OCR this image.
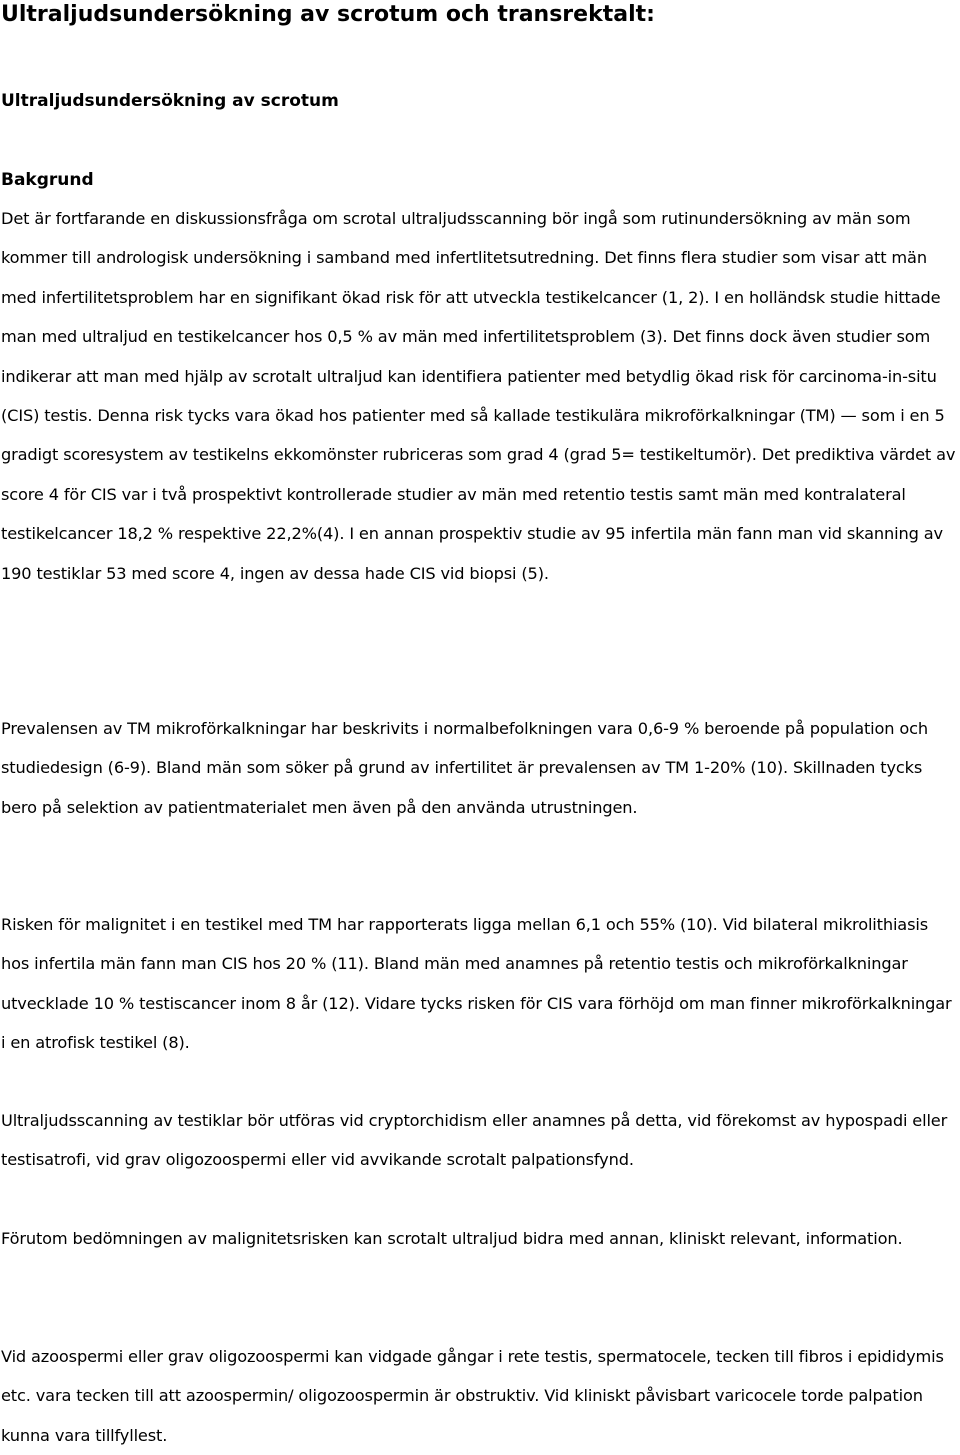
Ultraljudsundersökning av scrotum och transrektalt:
Ultraljudsundersökning av scrotum
Bakgrund

Det är fortfarande en diskussionsfråga om scrotal ultraljudsscanning bör ingå som rutinundersökning av män som kommer till andrologisk undersökning i samband med infertlitetsutredning. Det finns flera studier som visar att män med infertilitetsproblem har en signifikant ökad risk för att utveckla testikelcancer (1, 2). I en holländsk studie hittade man med ultraljud en testikelcancer hos 0,5 % av män med infertilitetsproblem (3). Det finns dock även studier som indikerar att man med hjälp av scrotalt ultraljud kan identifiera patienter med betydlig ökad risk för carcinoma-in-situ (CIS) testis. Denna risk tycks vara ökad hos patienter med så kallade testikulära mikroförkalkningar (TM) — som i en 5 gradigt scoresystem av testikelns ekkomönster rubriceras som grad 4 (grad 5= testikeltumör). Det prediktiva värdet av score 4 för CIS var i två prospektivt kontrollerade studier av män med retentio testis samt män med kontralateral testikelcancer 18,2 % respektive 22,2%(4). I en annan prospektiv studie av 95 infertila män fann man vid skanning av 190 testiklar 53 med score 4, ingen av dessa hade CIS vid biopsi (5).

Prevalensen av TM mikroförkalkningar har beskrivits i normalbefolkningen vara 0,6-9 % beroende på population och studiedesign (6-9). Bland män som söker på grund av infertilitet är prevalensen av TM 1-20% (10). Skillnaden tycks bero på selektion av patientmaterialet men även på den använda utrustningen.

Risken för malignitet i en testikel med TM har rapporterats ligga mellan 6,1 och 55% (10). Vid bilateral mikrolithiasis hos infertila män fann man CIS hos 20 % (11). Bland män med anamnes på retentio testis och mikroförkalkningar utvecklade 10 % testiscancer inom 8 år (12). Vidare tycks risken för CIS vara förhöjd om man finner mikroförkalkningar i en atrofisk testikel (8).

Ultraljudsscanning av testiklar bör utföras vid cryptorchidism eller anamnes på detta, vid förekomst av hypospadi eller testisatrofi, vid grav oligozoospermi eller vid avvikande scrotalt palpationsfynd.

Förutom bedömningen av malignitetsrisken kan scrotalt ultraljud bidra med annan, kliniskt relevant, information.

Vid azoospermi eller grav oligozoospermi kan vidgade gångar i rete testis, spermatocele, tecken till fibros i epididymis etc. vara tecken till att azoospermin/ oligozoospermin är obstruktiv. Vid kliniskt påvisbart varicocele torde palpation kunna vara tillfyllest.
